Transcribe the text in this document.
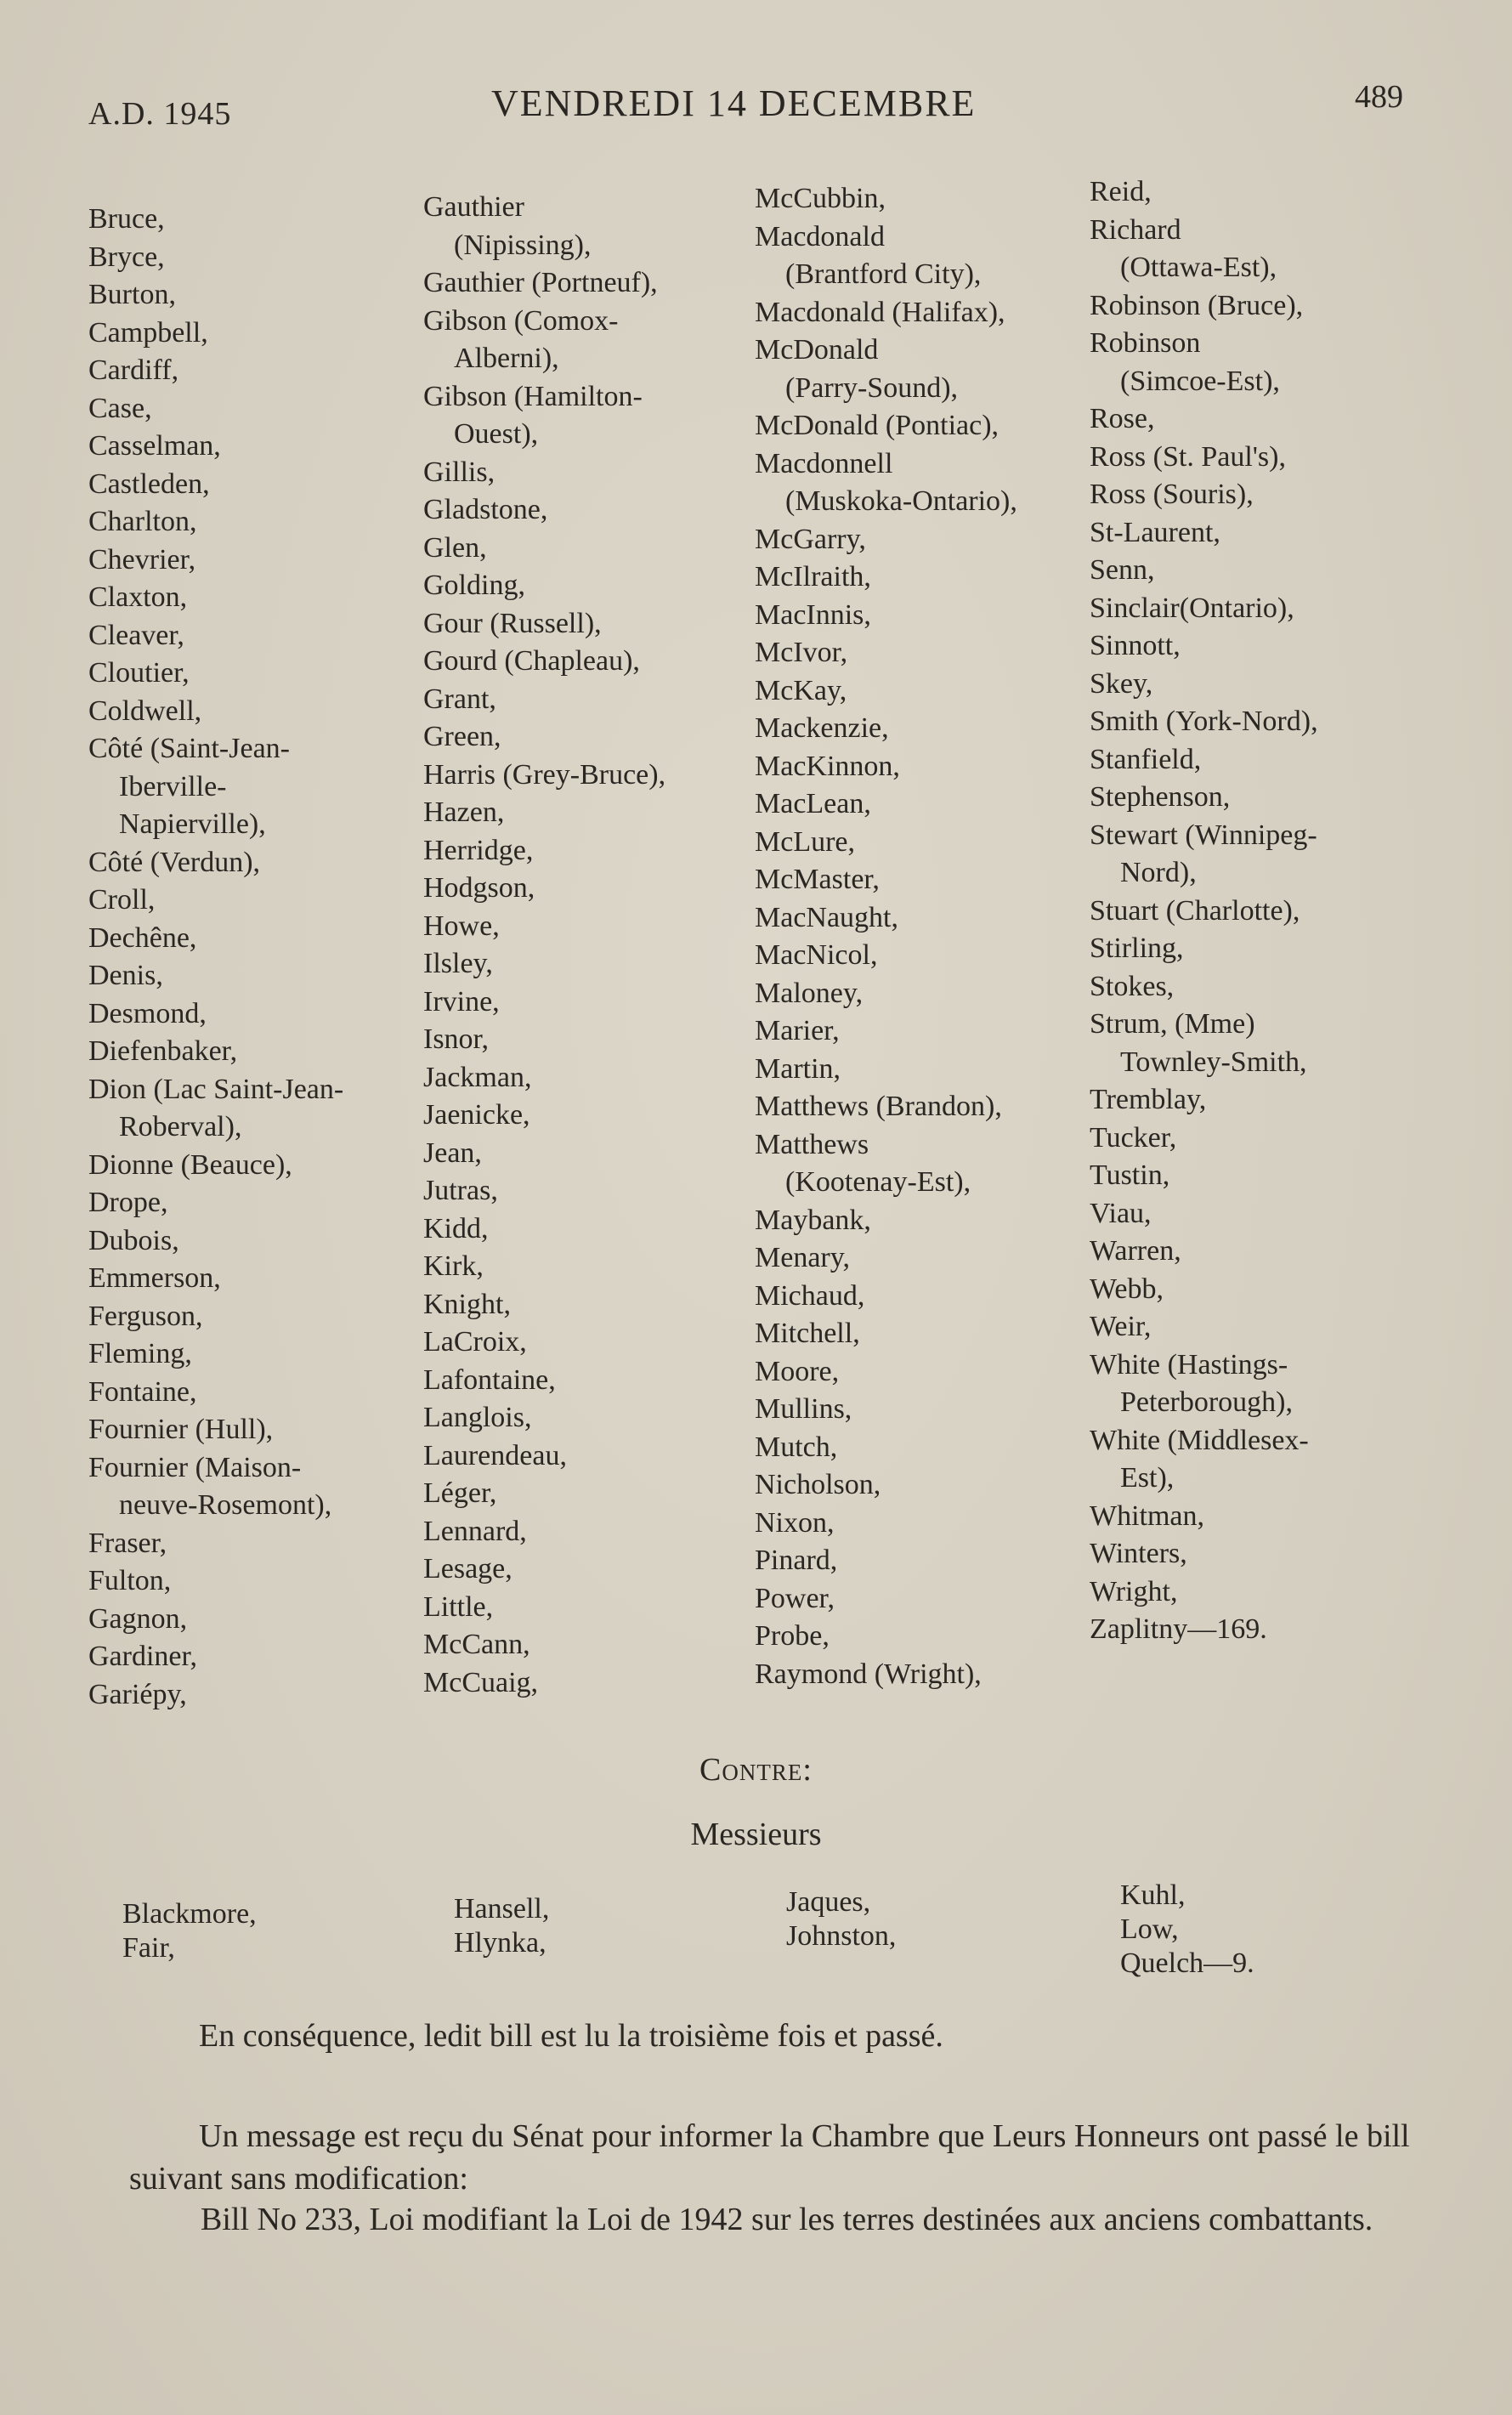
A.D. 1945	VENDREDI 14 DECEMBRE	489
Bruce,
Bryce,
Burton,
Campbell,
Cardiff,
Case,
Casselman,
Castleden,
Charlton,
Chevrier,
Claxton,
Cleaver,
Cloutier,
Coldwell,
Côté (Saint-Jean-
Iberville-
Napierville),
Côté (Verdun),
Croll,
Dechêne,
Denis,
Desmond,
Diefenbaker,
Dion (Lac Saint-Jean-
Roberval),
Dionne (Beauce),
Drope,
Dubois,
Emmerson,
Ferguson,
Fleming,
Fontaine,
Fournier (Hull),
Fournier (Maison-
neuve-Rosemont),
Fraser,
Fulton,
Gagnon,
Gardiner,
Gariépy,
Gauthier
(Nipissing),
Gauthier (Portneuf),
Gibson (Comox-
Alberni),
Gibson (Hamilton-
Ouest),
Gillis,
Gladstone,
Glen,
Golding,
Gour (Russell),
Gourd (Chapleau),
Grant,
Green,
Harris (Grey-Bruce),
Hazen,
Herridge,
Hodgson,
Howe,
Ilsley,
Irvine,
Isnor,
Jackman,
Jaenicke,
Jean,
Jutras,
Kidd,
Kirk,
Knight,
LaCroix,
Lafontaine,
Langlois,
Laurendeau,
Léger,
Lennard,
Lesage,
Little,
McCann,
McCuaig,
McCubbin,
Macdonald
(Brantford City),
Macdonald (Halifax),
McDonald
(Parry-Sound),
McDonald (Pontiac),
Macdonnell
(Muskoka-Ontario),
McGarry,
McIlraith,
MacInnis,
McIvor,
McKay,
Mackenzie,
MacKinnon,
MacLean,
McLure,
McMaster,
MacNaught,
MacNicol,
Maloney,
Marier,
Martin,
Matthews (Brandon),
Matthews
(Kootenay-Est),
Maybank,
Menary,
Michaud,
Mitchell,
Moore,
Mullins,
Mutch,
Nicholson,
Nixon,
Pinard,
Power,
Probe,
Raymond (Wright),
Reid,
Richard
(Ottawa-Est),
Robinson (Bruce),
Robinson
(Simcoe-Est),
Rose,
Ross (St. Paul's),
Ross (Souris),
St-Laurent,
Senn,
Sinclair(Ontario),
Sinnott,
Skey,
Smith (York-Nord),
Stanfield,
Stephenson,
Stewart (Winnipeg-
Nord),
Stuart (Charlotte),
Stirling,
Stokes,
Strum, (Mme)
Townley-Smith,
Tremblay,
Tucker,
Tustin,
Viau,
Warren,
Webb,
Weir,
White (Hastings-
Peterborough),
White (Middlesex-
Est),
Whitman,
Winters,
Wright,
Zaplitny—169.
Contre:
Messieurs
Blackmore,
Fair,
Hansell,
Hlynka,
Jaques,
Johnston,
Kuhl,
Low,
Quelch—9.

En conséquence, ledit bill est lu la troisième fois et passé.

Un message est reçu du Sénat pour informer la Chambre que Leurs Honneurs ont passé le bill suivant sans modification:

Bill No 233, Loi modifiant la Loi de 1942 sur les terres destinées aux anciens combattants.
